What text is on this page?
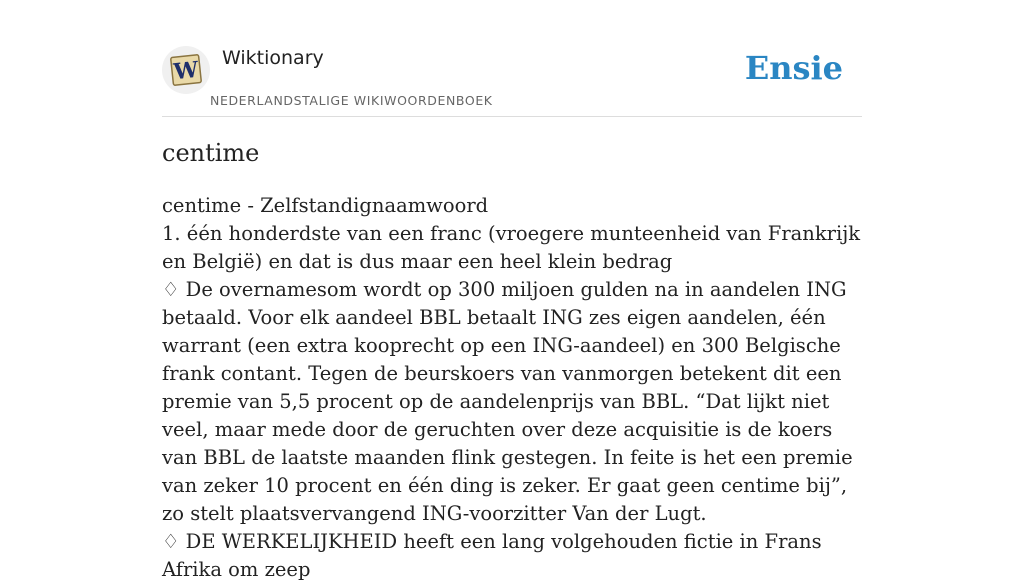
W Wiktionary
NEDERLANDSTALIGE WIKIWOORDENBOEK
Ensie
centime

centime - Zelfstandignaamwoord

1. één honderdste van een franc (vroegere munteenheid van Frankrijk en België) en dat is dus maar een heel klein bedrag

♢ De overnamesom wordt op 300 miljoen gulden na in aandelen ING betaald. Voor elk aandeel BBL betaalt ING zes eigen aandelen, één warrant (een extra kooprecht op een ING-aandeel) en 300 Belgische frank contant. Tegen de beurskoers van vanmorgen betekent dit een premie van 5,5 procent op de aandelenprijs van BBL. “Dat lijkt niet veel, maar mede door de geruchten over deze acquisitie is de koers van BBL de laatste maanden flink gestegen. In feite is het een premie van zeker 10 procent en één ding is zeker. Er gaat geen centime bij”, zo stelt plaatsvervangend ING-voorzitter Van der Lugt.

♢ DE WERKELIJKHEID heeft een lang volgehouden fictie in Frans Afrika om zeep
